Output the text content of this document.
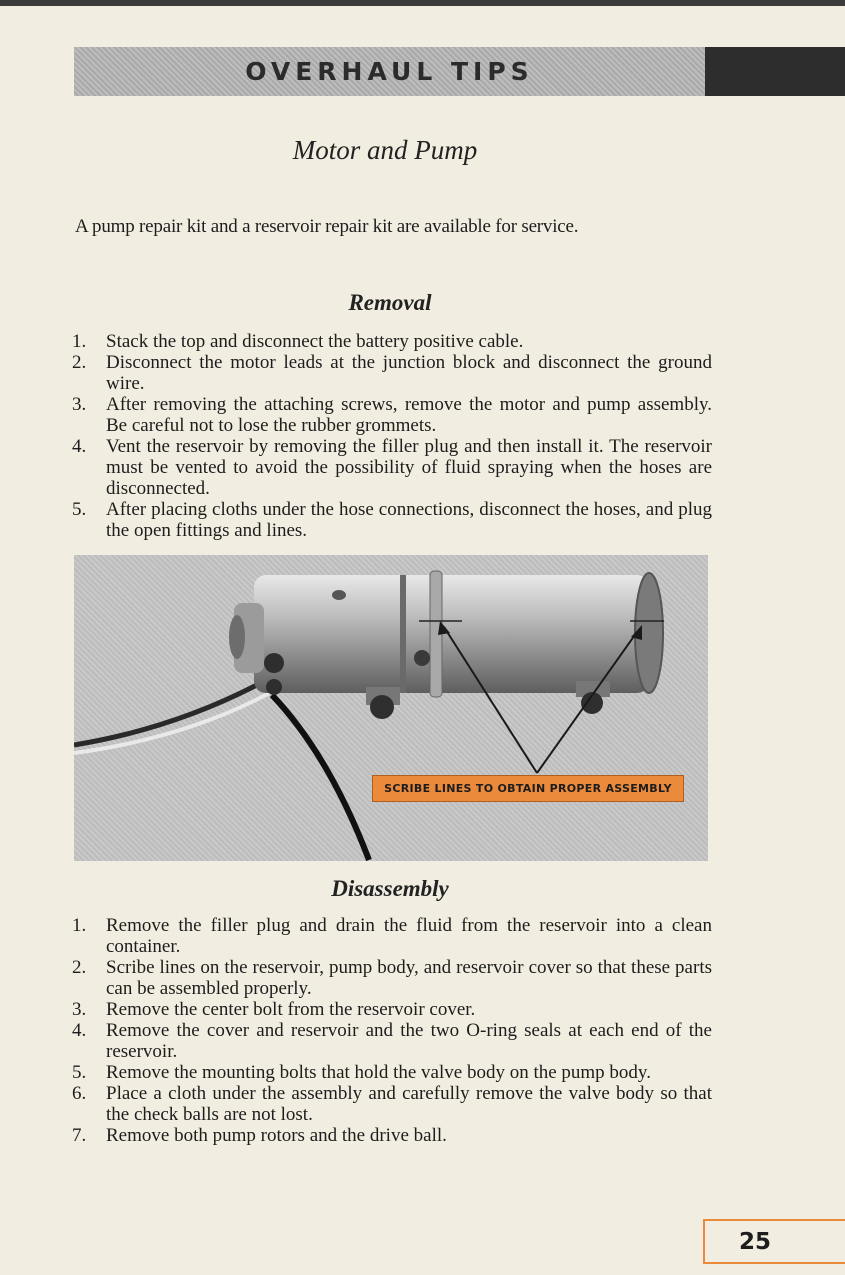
OVERHAUL TIPS
Motor and Pump
A pump repair kit and a reservoir repair kit are available for service.
Removal
1. Stack the top and disconnect the battery positive cable.
2. Disconnect the motor leads at the junction block and disconnect the ground wire.
3. After removing the attaching screws, remove the motor and pump assembly. Be careful not to lose the rubber grommets.
4. Vent the reservoir by removing the filler plug and then install it. The reservoir must be vented to avoid the possibility of fluid spraying when the hoses are disconnected.
5. After placing cloths under the hose connections, disconnect the hoses, and plug the open fittings and lines.
SCRIBE LINES TO OBTAIN PROPER ASSEMBLY
Disassembly
1. Remove the filler plug and drain the fluid from the reservoir into a clean container.
2. Scribe lines on the reservoir, pump body, and reservoir cover so that these parts can be assembled properly.
3. Remove the center bolt from the reservoir cover.
4. Remove the cover and reservoir and the two O-ring seals at each end of the reservoir.
5. Remove the mounting bolts that hold the valve body on the pump body.
6. Place a cloth under the assembly and carefully remove the valve body so that the check balls are not lost.
7. Remove both pump rotors and the drive ball.
25
